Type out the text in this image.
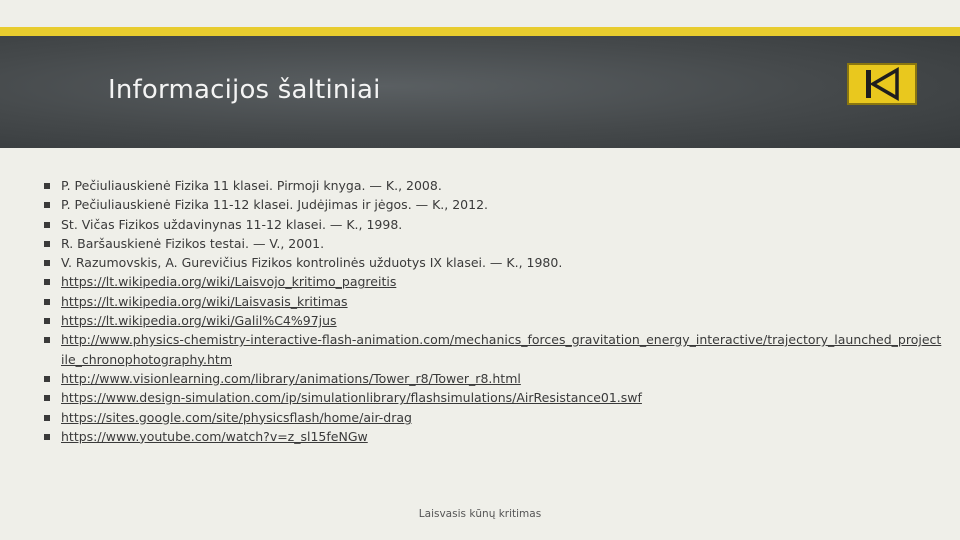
Informacijos šaltiniai
P. Pečiuliauskienė Fizika 11 klasei. Pirmoji knyga. — K., 2008.
P. Pečiuliauskienė Fizika 11-12 klasei. Judėjimas ir jėgos. — K., 2012.
St. Vičas Fizikos uždavinynas 11-12 klasei. — K., 1998.
R. Baršauskienė Fizikos testai. — V., 2001.
V. Razumovskis, A. Gurevičius Fizikos kontrolinės užduotys IX klasei. — K., 1980.
https://lt.wikipedia.org/wiki/Laisvojo_kritimo_pagreitis
https://lt.wikipedia.org/wiki/Laisvasis_kritimas
https://lt.wikipedia.org/wiki/Galil%C4%97jus
http://www.physics-chemistry-interactive-flash-animation.com/mechanics_forces_gravitation_energy_interactive/trajectory_launched_projectile_chronophotography.htm
http://www.visionlearning.com/library/animations/Tower_r8/Tower_r8.html
https://www.design-simulation.com/ip/simulationlibrary/flashsimulations/AirResistance01.swf
https://sites.google.com/site/physicsflash/home/air-drag
https://www.youtube.com/watch?v=z_sl15feNGw
Laisvasis kūnų kritimas
